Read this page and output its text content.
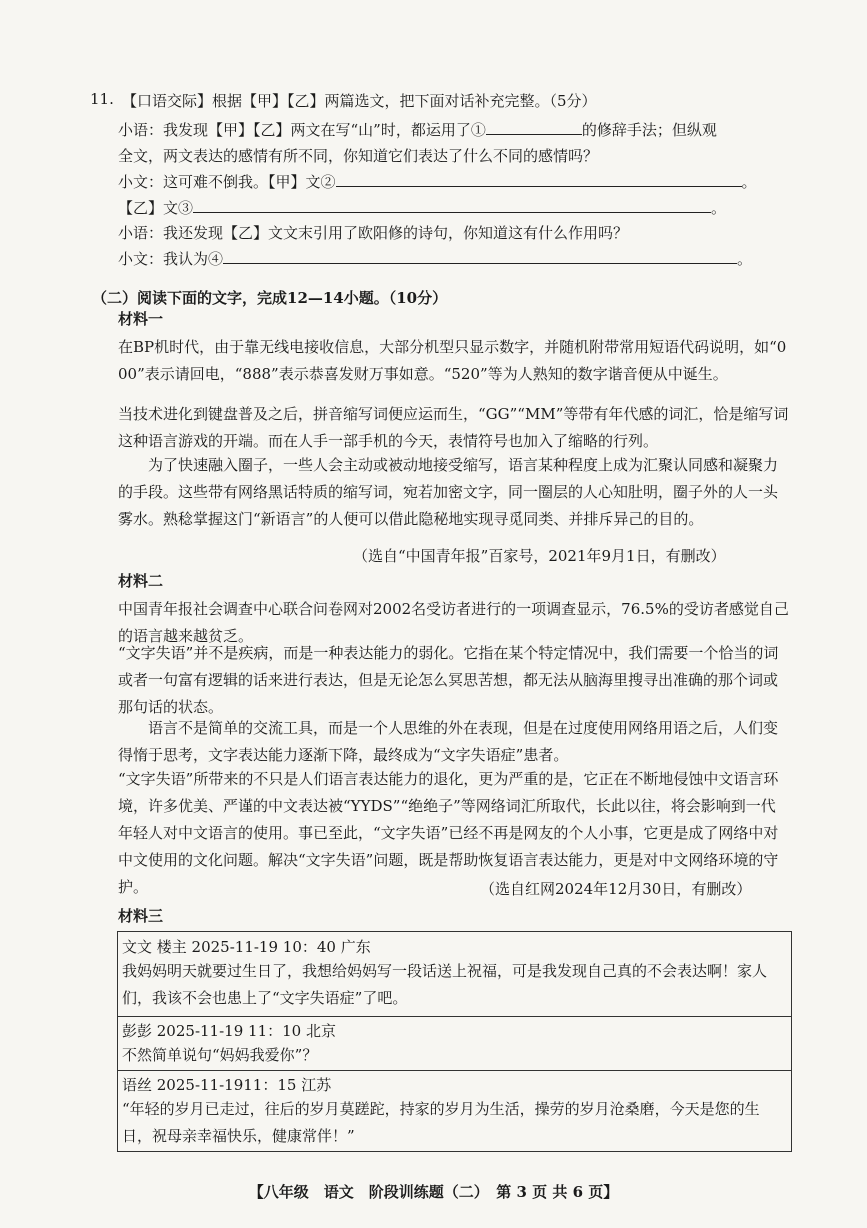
11. 【口语交际】根据【甲】【乙】两篇选文，把下面对话补充完整。（5分）
小语：我发现【甲】【乙】两文在写“山”时，都运用了①	的修辞手法；但纵观
全文，两文表达的感情有所不同，你知道它们表达了什么不同的感情吗？
小文：这可难不倒我。【甲】文②	。
【乙】文③	。
小语：我还发现【乙】文文末引用了欧阳修的诗句，你知道这有什么作用吗？
小文：我认为④	。
（二）阅读下面的文字，完成12—14小题。（10分）
材料一
在BP机时代，由于靠无线电接收信息，大部分机型只显示数字，并随机附带常用短语代码说明，如“000”表示请回电，“888”表示恭喜发财万事如意。“520”等为人熟知的数字谐音便从中诞生。
当技术进化到键盘普及之后，拼音缩写词便应运而生，“GG”“MM”等带有年代感的词汇，恰是缩写词这种语言游戏的开端。而在人手一部手机的今天，表情符号也加入了缩略的行列。
为了快速融入圈子，一些人会主动或被动地接受缩写，语言某种程度上成为汇聚认同感和凝聚力的手段。这些带有网络黑话特质的缩写词，宛若加密文字，同一圈层的人心知肚明，圈子外的人一头雾水。熟稔掌握这门“新语言”的人便可以借此隐秘地实现寻觅同类、并排斥异己的目的。
（选自“中国青年报”百家号，2021年9月1日，有删改）
材料二
中国青年报社会调查中心联合问卷网对2002名受访者进行的一项调查显示，76.5%的受访者感觉自己的语言越来越贫乏。
“文字失语”并不是疾病，而是一种表达能力的弱化。它指在某个特定情况中，我们需要一个恰当的词或者一句富有逻辑的话来进行表达，但是无论怎么冥思苦想，都无法从脑海里搜寻出准确的那个词或那句话的状态。
语言不是简单的交流工具，而是一个人思维的外在表现，但是在过度使用网络用语之后，人们变得惰于思考，文字表达能力逐渐下降，最终成为“文字失语症”患者。
“文字失语”所带来的不只是人们语言表达能力的退化，更为严重的是，它正在不断地侵蚀中文语言环境，许多优美、严谨的中文表达被“YYDS”“绝绝子”等网络词汇所取代，长此以往，将会影响到一代年轻人对中文语言的使用。事已至此，“文字失语”已经不再是网友的个人小事，它更是成了网络中对中文使用的文化问题。解决“文字失语”问题，既是帮助恢复语言表达能力，更是对中文网络环境的守护。	（选自红网2024年12月30日，有删改）
材料三
文文 楼主 2025-11-19 10：40 广东
我妈妈明天就要过生日了，我想给妈妈写一段话送上祝福，可是我发现自己真的不会表达啊！家人们，我该不会也患上了“文字失语症”了吧。
彭彭 2025-11-19 11：10 北京
不然简单说句“妈妈我爱你”？
语丝 2025-11-1911：15 江苏
“年轻的岁月已走过，往后的岁月莫蹉跎，持家的岁月为生活，操劳的岁月沧桑磨，今天是您的生日，祝母亲幸福快乐，健康常伴！”
【八年级　语文　阶段训练题（二）　第 3 页 共 6 页】
